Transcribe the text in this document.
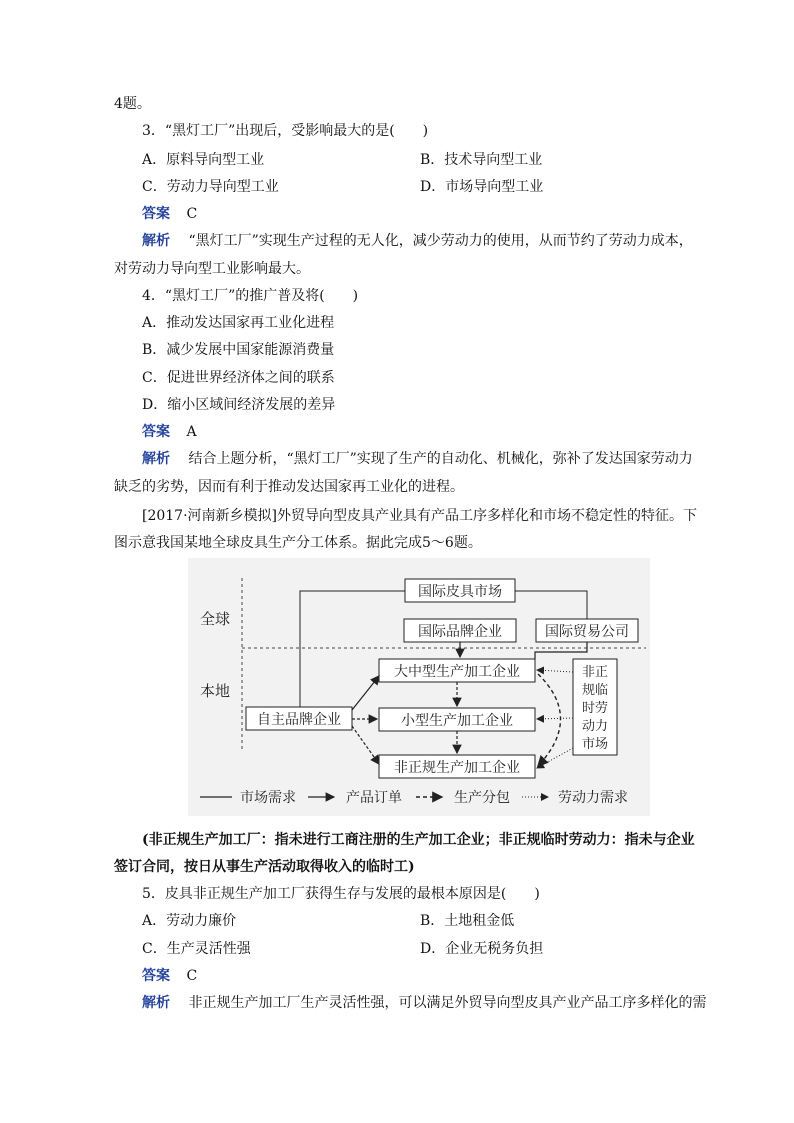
4题。
3．“黑灯工厂”出现后，受影响最大的是(　　)
A．原料导向型工业	B．技术导向型工业
C．劳动力导向型工业	D．市场导向型工业
答案 C
解析 “黑灯工厂”实现生产过程的无人化，减少劳动力的使用，从而节约了劳动力成本，
对劳动力导向型工业影响最大。
4．“黑灯工厂”的推广普及将(　　)
A．推动发达国家再工业化进程
B．减少发展中国家能源消费量
C．促进世界经济体之间的联系
D．缩小区域间经济发展的差异
答案 A
解析 结合上题分析，“黑灯工厂”实现了生产的自动化、机械化，弥补了发达国家劳动力
缺乏的劣势，因而有利于推动发达国家再工业化的进程。
[2017·河南新乡模拟]外贸导向型皮具产业具有产品工序多样化和市场不稳定性的特征。下
图示意我国某地全球皮具生产分工体系。据此完成5～6题。
全球
本地
国际皮具市场
国际品牌企业	国际贸易公司
大中型生产加工企业
小型生产加工企业
非正规生产加工企业
自主品牌企业
非正
规临
时劳
动力
市场
市场需求	产品订单	生产分包	劳动力需求
(非正规生产加工厂：指未进行工商注册的生产加工企业；非正规临时劳动力：指未与企业
签订合同，按日从事生产活动取得收入的临时工)
5．皮具非正规生产加工厂获得生存与发展的最根本原因是(　　)
A．劳动力廉价	B．土地租金低
C．生产灵活性强	D．企业无税务负担
答案 C
解析 非正规生产加工厂生产灵活性强，可以满足外贸导向型皮具产业产品工序多样化的需
